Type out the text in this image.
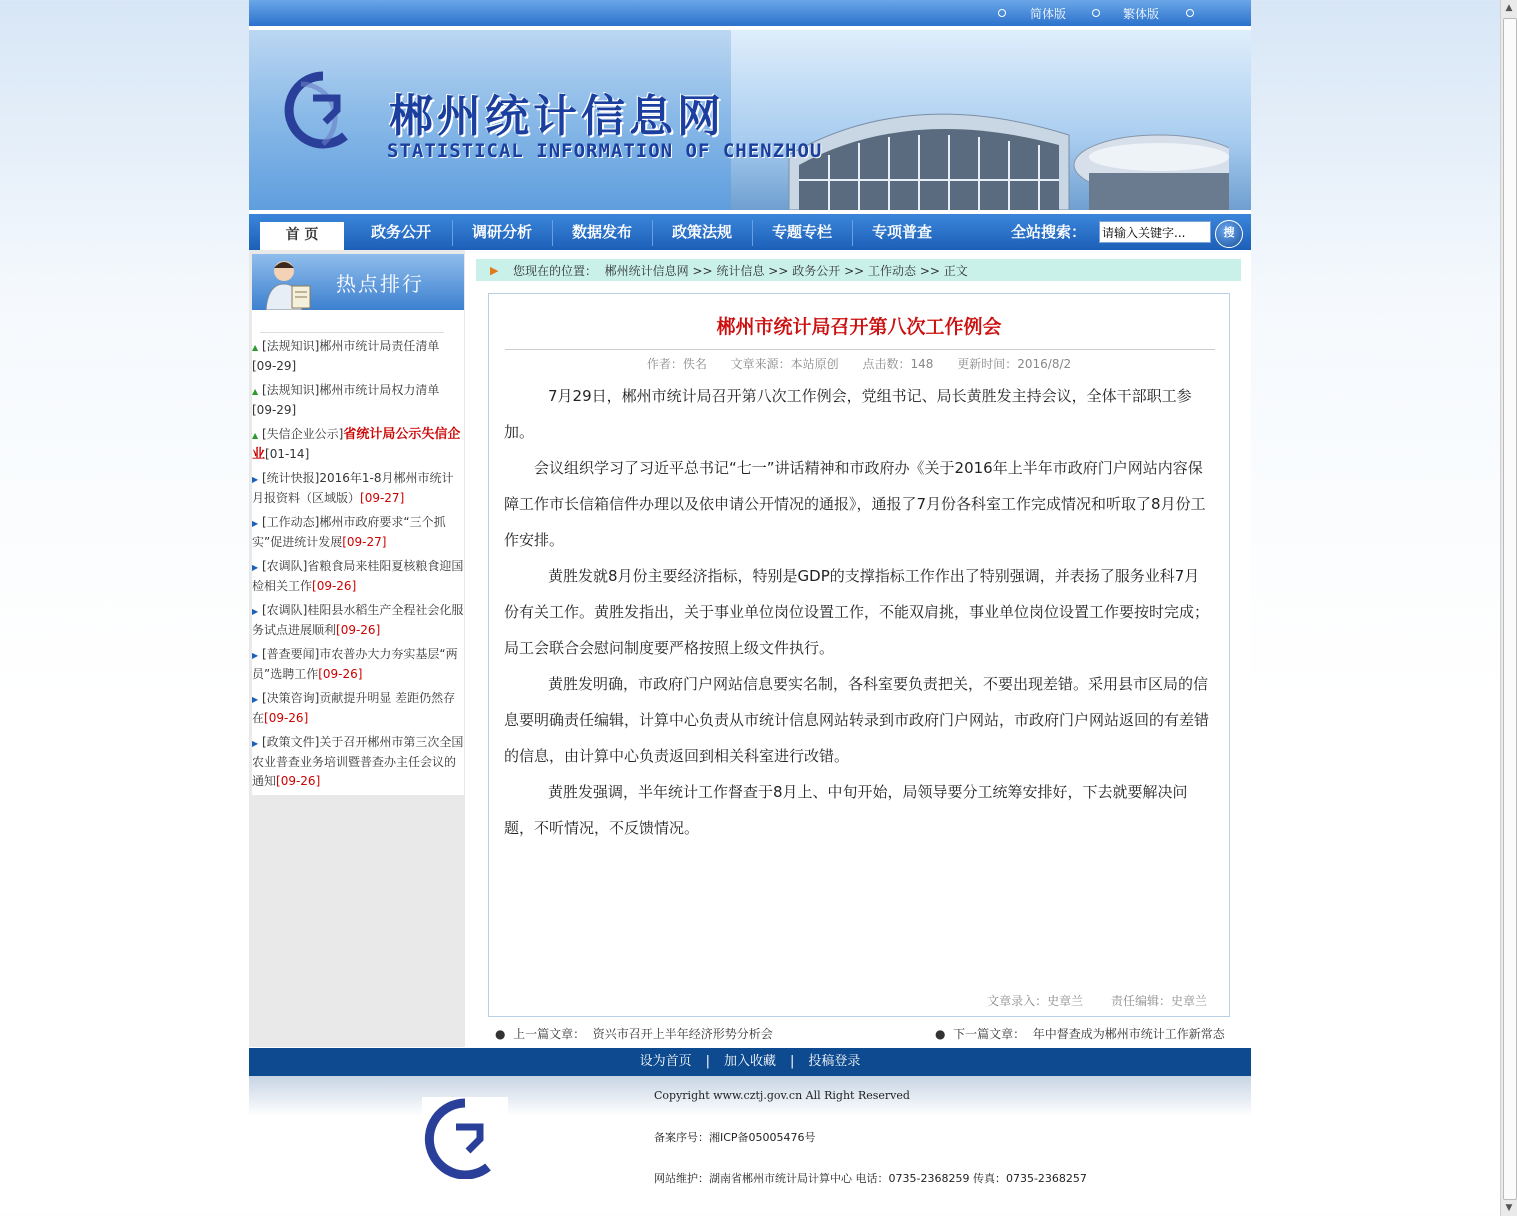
简体版	繁体版
郴州统计信息网
STATISTICAL INFORMATION OF CHENZHOU
首 页	政务公开	调研分析	数据发布	政策法规	专题专栏	专项普查	全站搜索：
请输入关键字...	搜
热点排行
▲ [法规知识]郴州市统计局责任清单
[09-29]
▲ [法规知识]郴州市统计局权力清单
[09-29]
▲ [失信企业公示]省统计局公示失信企业[01-14]
▶ [统计快报]2016年1-8月郴州市统计月报资料（区域版）[09-27]
▶ [工作动态]郴州市政府要求“三个抓实”促进统计发展[09-27]
▶ [农调队]省粮食局来桂阳夏核粮食迎国检相关工作[09-26]
▶ [农调队]桂阳县水稻生产全程社会化服务试点进展顺利[09-26]
▶ [普查要闻]市农普办大力夯实基层“两员”选聘工作[09-26]
▶ [决策咨询]贡献提升明显 差距仍然存在[09-26]
▶ [政策文件]关于召开郴州市第三次全国农业普查业务培训暨普查办主任会议的通知[09-26]
▶ 您现在的位置： 郴州统计信息网 >> 统计信息 >> 政务公开 >> 工作动态 >> 正文
郴州市统计局召开第八次工作例会
作者：佚名 文章来源：本站原创 点击数：148 更新时间：2016/8/2

7月29日，郴州市统计局召开第八次工作例会，党组书记、局长黄胜发主持会议，全体干部职工参加。

会议组织学习了习近平总书记“七一”讲话精神和市政府办《关于2016年上半年市政府门户网站内容保障工作市长信箱信件办理以及依申请公开情况的通报》，通报了7月份各科室工作完成情况和听取了8月份工作安排。

黄胜发就8月份主要经济指标，特别是GDP的支撑指标工作作出了特别强调，并表扬了服务业科7月份有关工作。黄胜发指出，关于事业单位岗位设置工作，不能双肩挑，事业单位岗位设置工作要按时完成；局工会联合会慰问制度要严格按照上级文件执行。

黄胜发明确，市政府门户网站信息要实名制，各科室要负责把关，不要出现差错。采用县市区局的信息要明确责任编辑，计算中心负责从市统计信息网站转录到市政府门户网站，市政府门户网站返回的有差错的信息，由计算中心负责返回到相关科室进行改错。

黄胜发强调，半年统计工作督查于8月上、中旬开始，局领导要分工统筹安排好，下去就要解决问题，不听情况，不反馈情况。

文章录入：史章兰 责任编辑：史章兰
● 上一篇文章： 资兴市召开上半年经济形势分析会	● 下一篇文章： 年中督查成为郴州市统计工作新常态
设为首页 | 加入收藏 | 投稿登录
Copyright www.cztj.gov.cn All Right Reserved
备案序号：湘ICP备05005476号
网站维护：湖南省郴州市统计局计算中心 电话：0735-2368259 传真：0735-2368257
▲
▼
